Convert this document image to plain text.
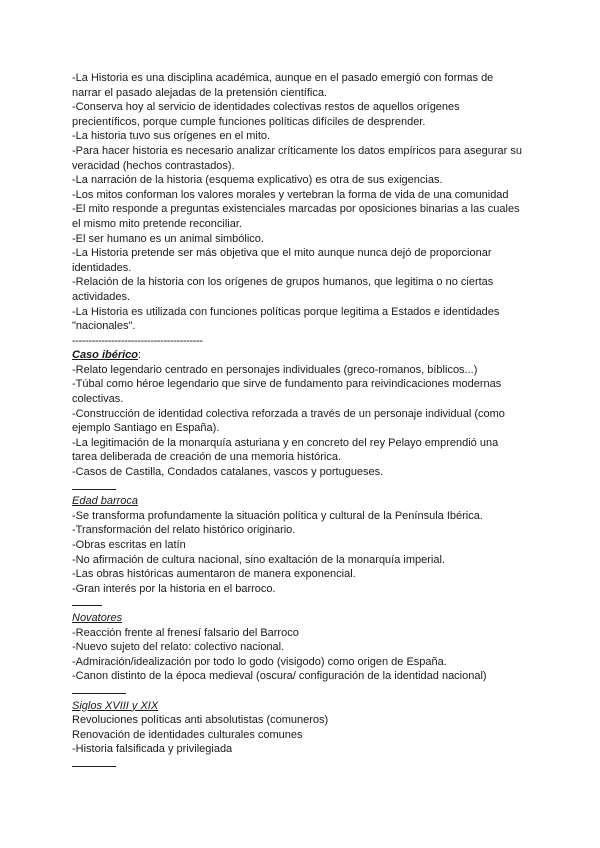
-La Historia es una disciplina académica, aunque en el pasado emergió con formas de

narrar el pasado alejadas de la pretensión científica.

-Conserva hoy al servicio de identidades colectivas restos de aquellos orígenes

precientíficos, porque cumple funciones políticas difíciles de desprender.

-La historia tuvo sus orígenes en el mito.

-Para hacer historia es necesario analizar críticamente los datos empíricos para asegurar su

veracidad (hechos contrastados).

-La narración de la historia (esquema explicativo) es otra de sus exigencias.

-Los mitos conforman los valores morales y vertebran la forma de vida de una comunidad

-El mito responde a preguntas existenciales marcadas por oposiciones binarias a las cuales

el mismo mito pretende reconciliar.

-El ser humano es un animal simbólico.

-La Historia pretende ser más objetiva que el mito aunque nunca dejó de proporcionar

identidades.

-Relación de la historia con los orígenes de grupos humanos, que legitima o no ciertas

actividades.

-La Historia es utilizada con funciones políticas porque legitima a Estados e identidades

"nacionales".

----------------------------------------

Caso ibérico:

-Relato legendario centrado en personajes individuales (greco-romanos, bíblicos...)

-Túbal como héroe legendario que sirve de fundamento para reivindicaciones modernas

colectivas.

-Construcción de identidad colectiva reforzada a través de un personaje individual (como

ejemplo Santiago en España).

-La legitimación de la monarquía asturiana y en concreto del rey Pelayo emprendió una

tarea deliberada de creación de una memoria histórica.

-Casos de Castilla, Condados catalanes, vascos y portugueses.

Edad barroca

-Se transforma profundamente la situación política y cultural de la Península Ibérica.

-Transformación del relato histórico originario.

-Obras escritas en latín

-No afirmación de cultura nacional, sino exaltación de la monarquía imperial.

-Las obras históricas aumentaron de manera exponencial.

-Gran interés por la historia en el barroco.

Novatores

-Reacción frente al frenesí falsario del Barroco

-Nuevo sujeto del relato: colectivo nacional.

-Admiración/idealización por todo lo godo (visigodo) como origen de España.

-Canon distinto de la época medieval (oscura/ configuración de la identidad nacional)

Siglos XVIII y XIX

Revoluciones políticas anti absolutistas (comuneros)

Renovación de identidades culturales comunes

-Historia falsificada y privilegiada
